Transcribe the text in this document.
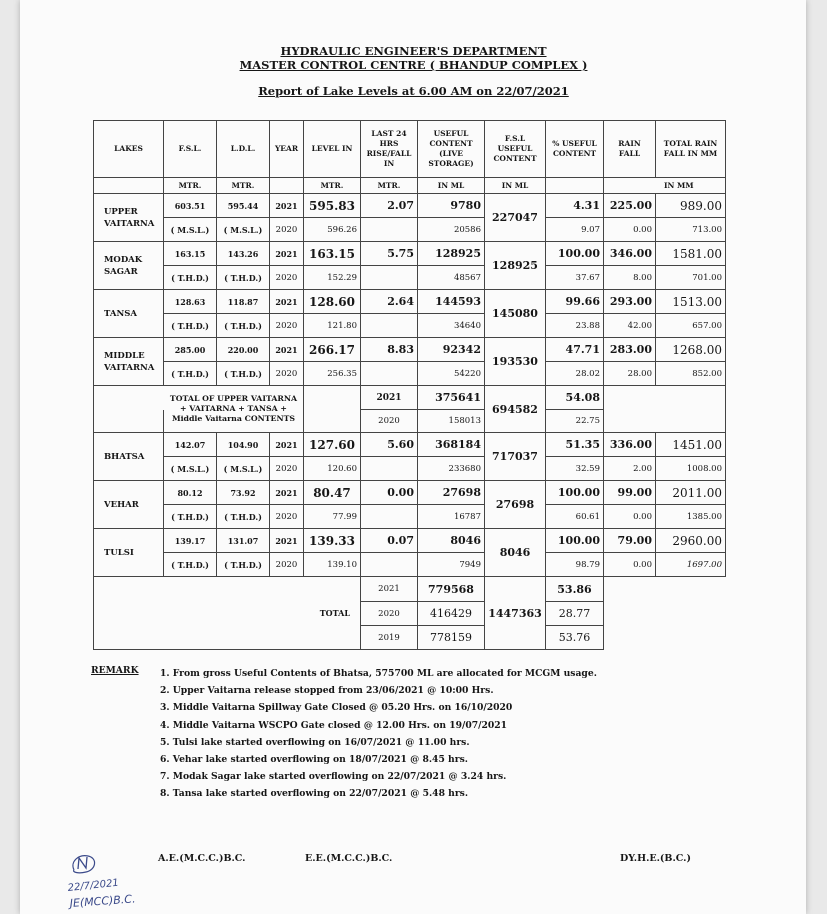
HYDRAULIC ENGINEER'S DEPARTMENT
MASTER CONTROL CENTRE ( BHANDUP COMPLEX )
Report of Lake Levels at 6.00 AM on 22/07/2021
LAKES	F.S.L.	L.D.L.	YEAR	LEVEL IN	LAST 24 HRS RISE/FALL IN	USEFUL CONTENT (LIVE STORAGE)	F.S.L USEFUL CONTENT	% USEFUL CONTENT	RAIN FALL	TOTAL RAIN FALL IN MM
	MTR.	MTR.		MTR.	MTR.	IN ML	IN ML		IN MM	
UPPER VAITARNA	603.51	595.44	2021	595.83	2.07	9780	227047	4.31	225.00	989.00
	( M.S.L.)	( M.S.L.)	2020	596.26		20586		9.07	0.00	713.00
MODAK SAGAR	163.15	143.26	2021	163.15	5.75	128925	128925	100.00	346.00	1581.00
	( T.H.D.)	( T.H.D.)	2020	152.29		48567		37.67	8.00	701.00
TANSA	128.63	118.87	2021	128.60	2.64	144593	145080	99.66	293.00	1513.00
	( T.H.D.)	( T.H.D.)	2020	121.80		34640		23.88	42.00	657.00
MIDDLE VAITARNA	285.00	220.00	2021	266.17	8.83	92342	193530	47.71	283.00	1268.00
	( T.H.D.)	( T.H.D.)	2020	256.35		54220		28.02	28.00	852.00
	TOTAL OF UPPER VAITARNA + VAITARNA + TANSA + Middle Vaitarna CONTENTS				2021	375641	694582	54.08		
					2020	158013		22.75		
BHATSA	142.07	104.90	2021	127.60	5.60	368184	717037	51.35	336.00	1451.00
	( M.S.L.)	( M.S.L.)	2020	120.60		233680		32.59	2.00	1008.00
VEHAR	80.12	73.92	2021	80.47	0.00	27698	27698	100.00	99.00	2011.00
	( T.H.D.)	( T.H.D.)	2020	77.99		16787		60.61	0.00	1385.00
TULSI	139.17	131.07	2021	139.33	0.07	8046	8046	100.00	79.00	2960.00
	( T.H.D.)	( T.H.D.)	2020	139.10		7949		98.79	0.00	1697.00
TOTAL					2021	779568	1447363	53.86		
					2020	416429		28.77		
					2019	778159		53.76		
REMARK 1. From gross Useful Contents of Bhatsa, 575700 ML are allocated for MCGM usage.
2. Upper Vaitarna release stopped from 23/06/2021 @ 10:00 Hrs.
3. Middle Vaitarna Spillway Gate Closed @ 05.20 Hrs. on 16/10/2020
4. Middle Vaitarna WSCPO Gate closed @ 12.00 Hrs. on 19/07/2021
5. Tulsi lake started overflowing on 16/07/2021 @ 11.00 hrs.
6. Vehar lake started overflowing on 18/07/2021 @ 8.45 hrs.
7. Modak Sagar lake started overflowing on 22/07/2021 @ 3.24 hrs.
8. Tansa lake started overflowing on 22/07/2021 @ 5.48 hrs.
A.E.(M.C.C.)B.C.	E.E.(M.C.C.)B.C.	DY.H.E.(B.C.)
22/7/2021
JE(MCC)B.C.
